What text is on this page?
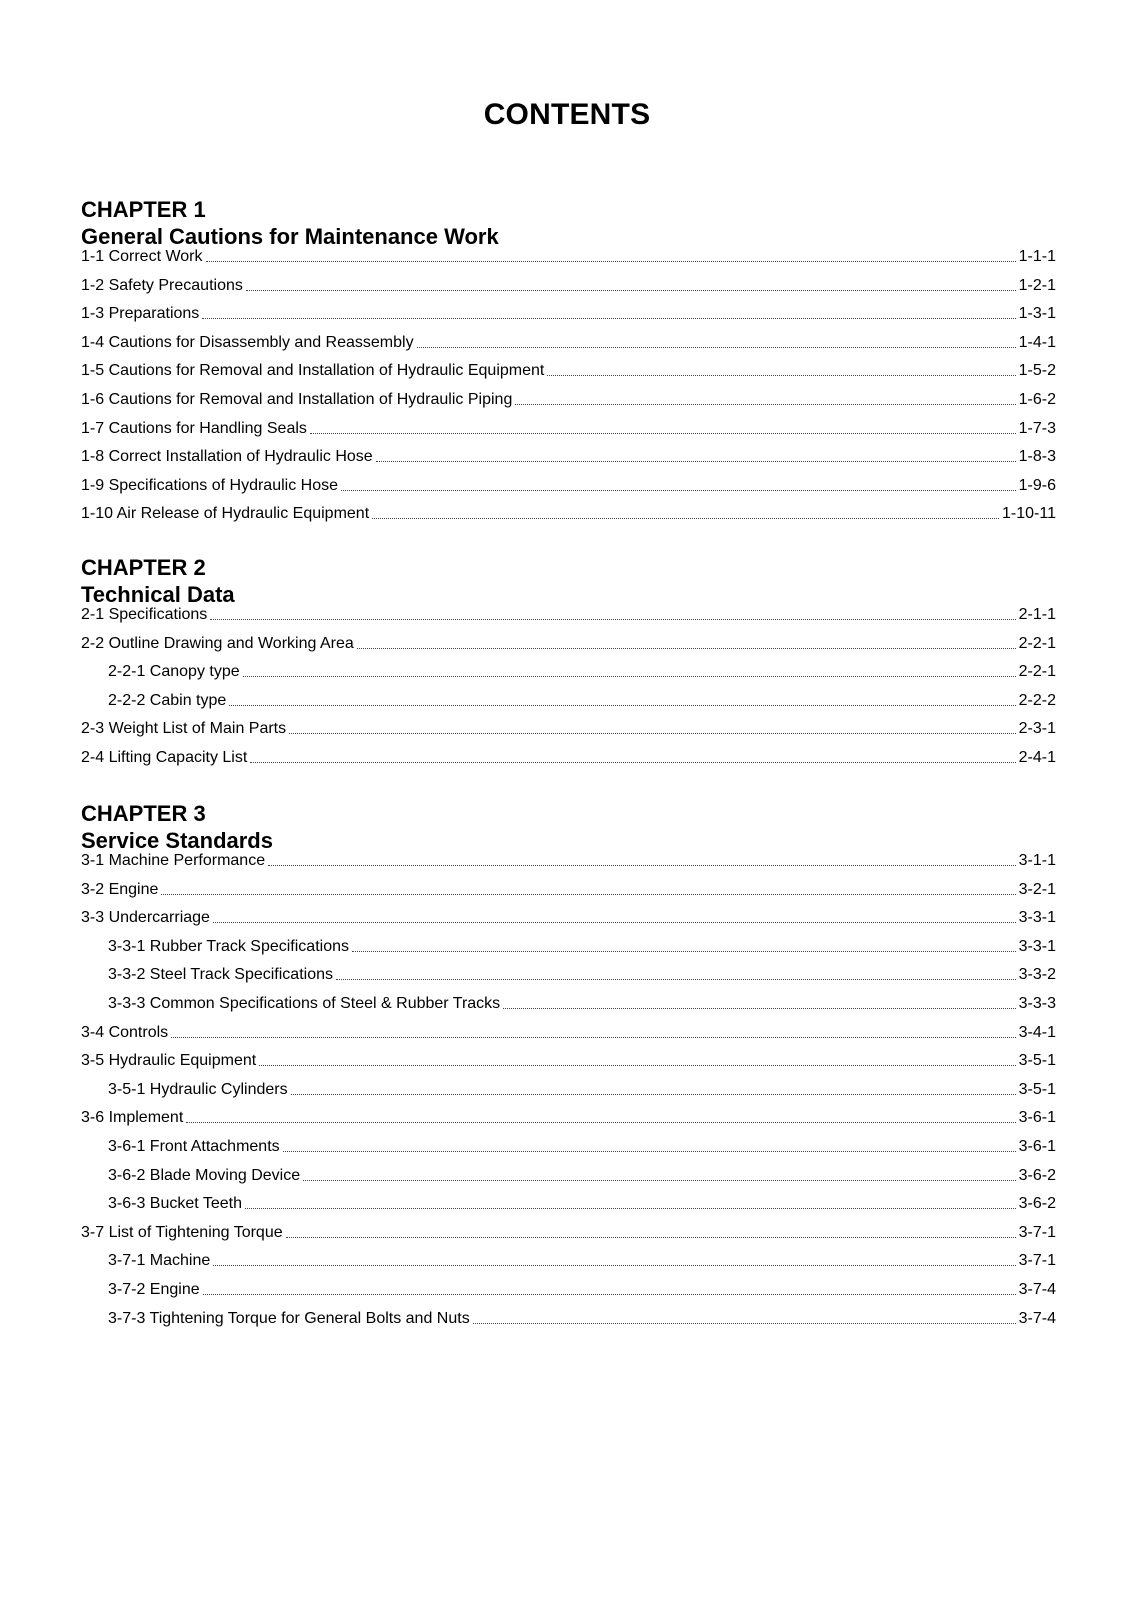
CONTENTS
CHAPTER 1
General Cautions for Maintenance Work
1-1 Correct Work	1-1-1
1-2 Safety Precautions	1-2-1
1-3 Preparations	1-3-1
1-4 Cautions for Disassembly and Reassembly	1-4-1
1-5 Cautions for Removal and Installation of Hydraulic Equipment	1-5-2
1-6 Cautions for Removal and Installation of Hydraulic Piping	1-6-2
1-7 Cautions for Handling Seals	1-7-3
1-8 Correct Installation of Hydraulic Hose	1-8-3
1-9 Specifications of Hydraulic Hose	1-9-6
1-10 Air Release of Hydraulic Equipment	1-10-11
CHAPTER 2
Technical Data
2-1 Specifications	2-1-1
2-2 Outline Drawing and Working Area	2-2-1
2-2-1 Canopy type	2-2-1
2-2-2 Cabin type	2-2-2
2-3 Weight List of Main Parts	2-3-1
2-4 Lifting Capacity List	2-4-1
CHAPTER 3
Service Standards
3-1 Machine Performance	3-1-1
3-2 Engine	3-2-1
3-3 Undercarriage	3-3-1
3-3-1 Rubber Track Specifications	3-3-1
3-3-2 Steel Track Specifications	3-3-2
3-3-3 Common Specifications of Steel & Rubber Tracks	3-3-3
3-4 Controls	3-4-1
3-5 Hydraulic Equipment	3-5-1
3-5-1 Hydraulic Cylinders	3-5-1
3-6 Implement	3-6-1
3-6-1 Front Attachments	3-6-1
3-6-2 Blade Moving Device	3-6-2
3-6-3 Bucket Teeth	3-6-2
3-7 List of Tightening Torque	3-7-1
3-7-1 Machine	3-7-1
3-7-2 Engine	3-7-4
3-7-3 Tightening Torque for General Bolts and Nuts	3-7-4
